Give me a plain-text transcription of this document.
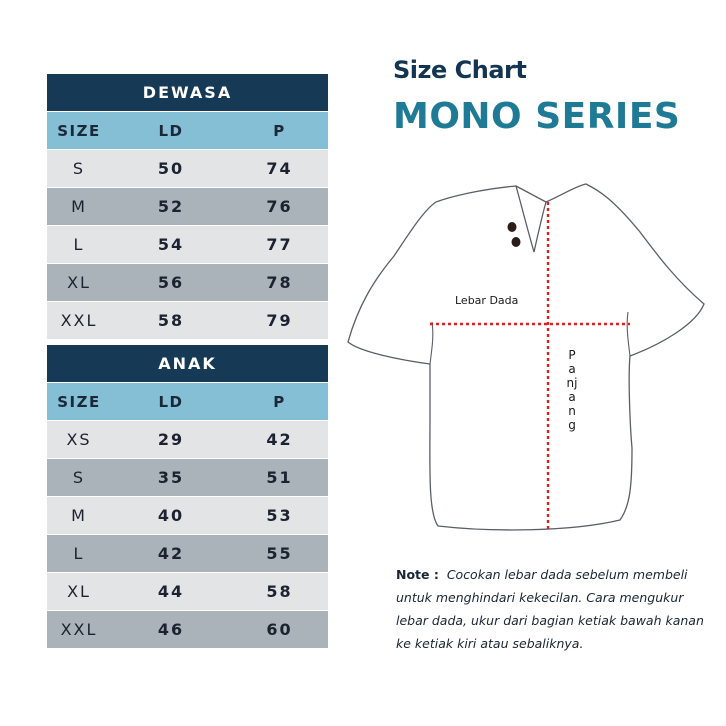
DEWASA
SIZE	LD	P
S	50	74
M	52	76
L	54	77
XL	56	78
XXL	58	79
ANAK
SIZE	LD	P
XS	29	42
S	35	51
M	40	53
L	42	55
XL	44	58
XXL	46	60
Size Chart
MONO SERIES
Lebar Dada
Panjang
Note : Cocokan lebar dada sebelum membeli untuk menghindari kekecilan. Cara mengukur lebar dada, ukur dari bagian ketiak bawah kanan ke ketiak kiri atau sebaliknya.
